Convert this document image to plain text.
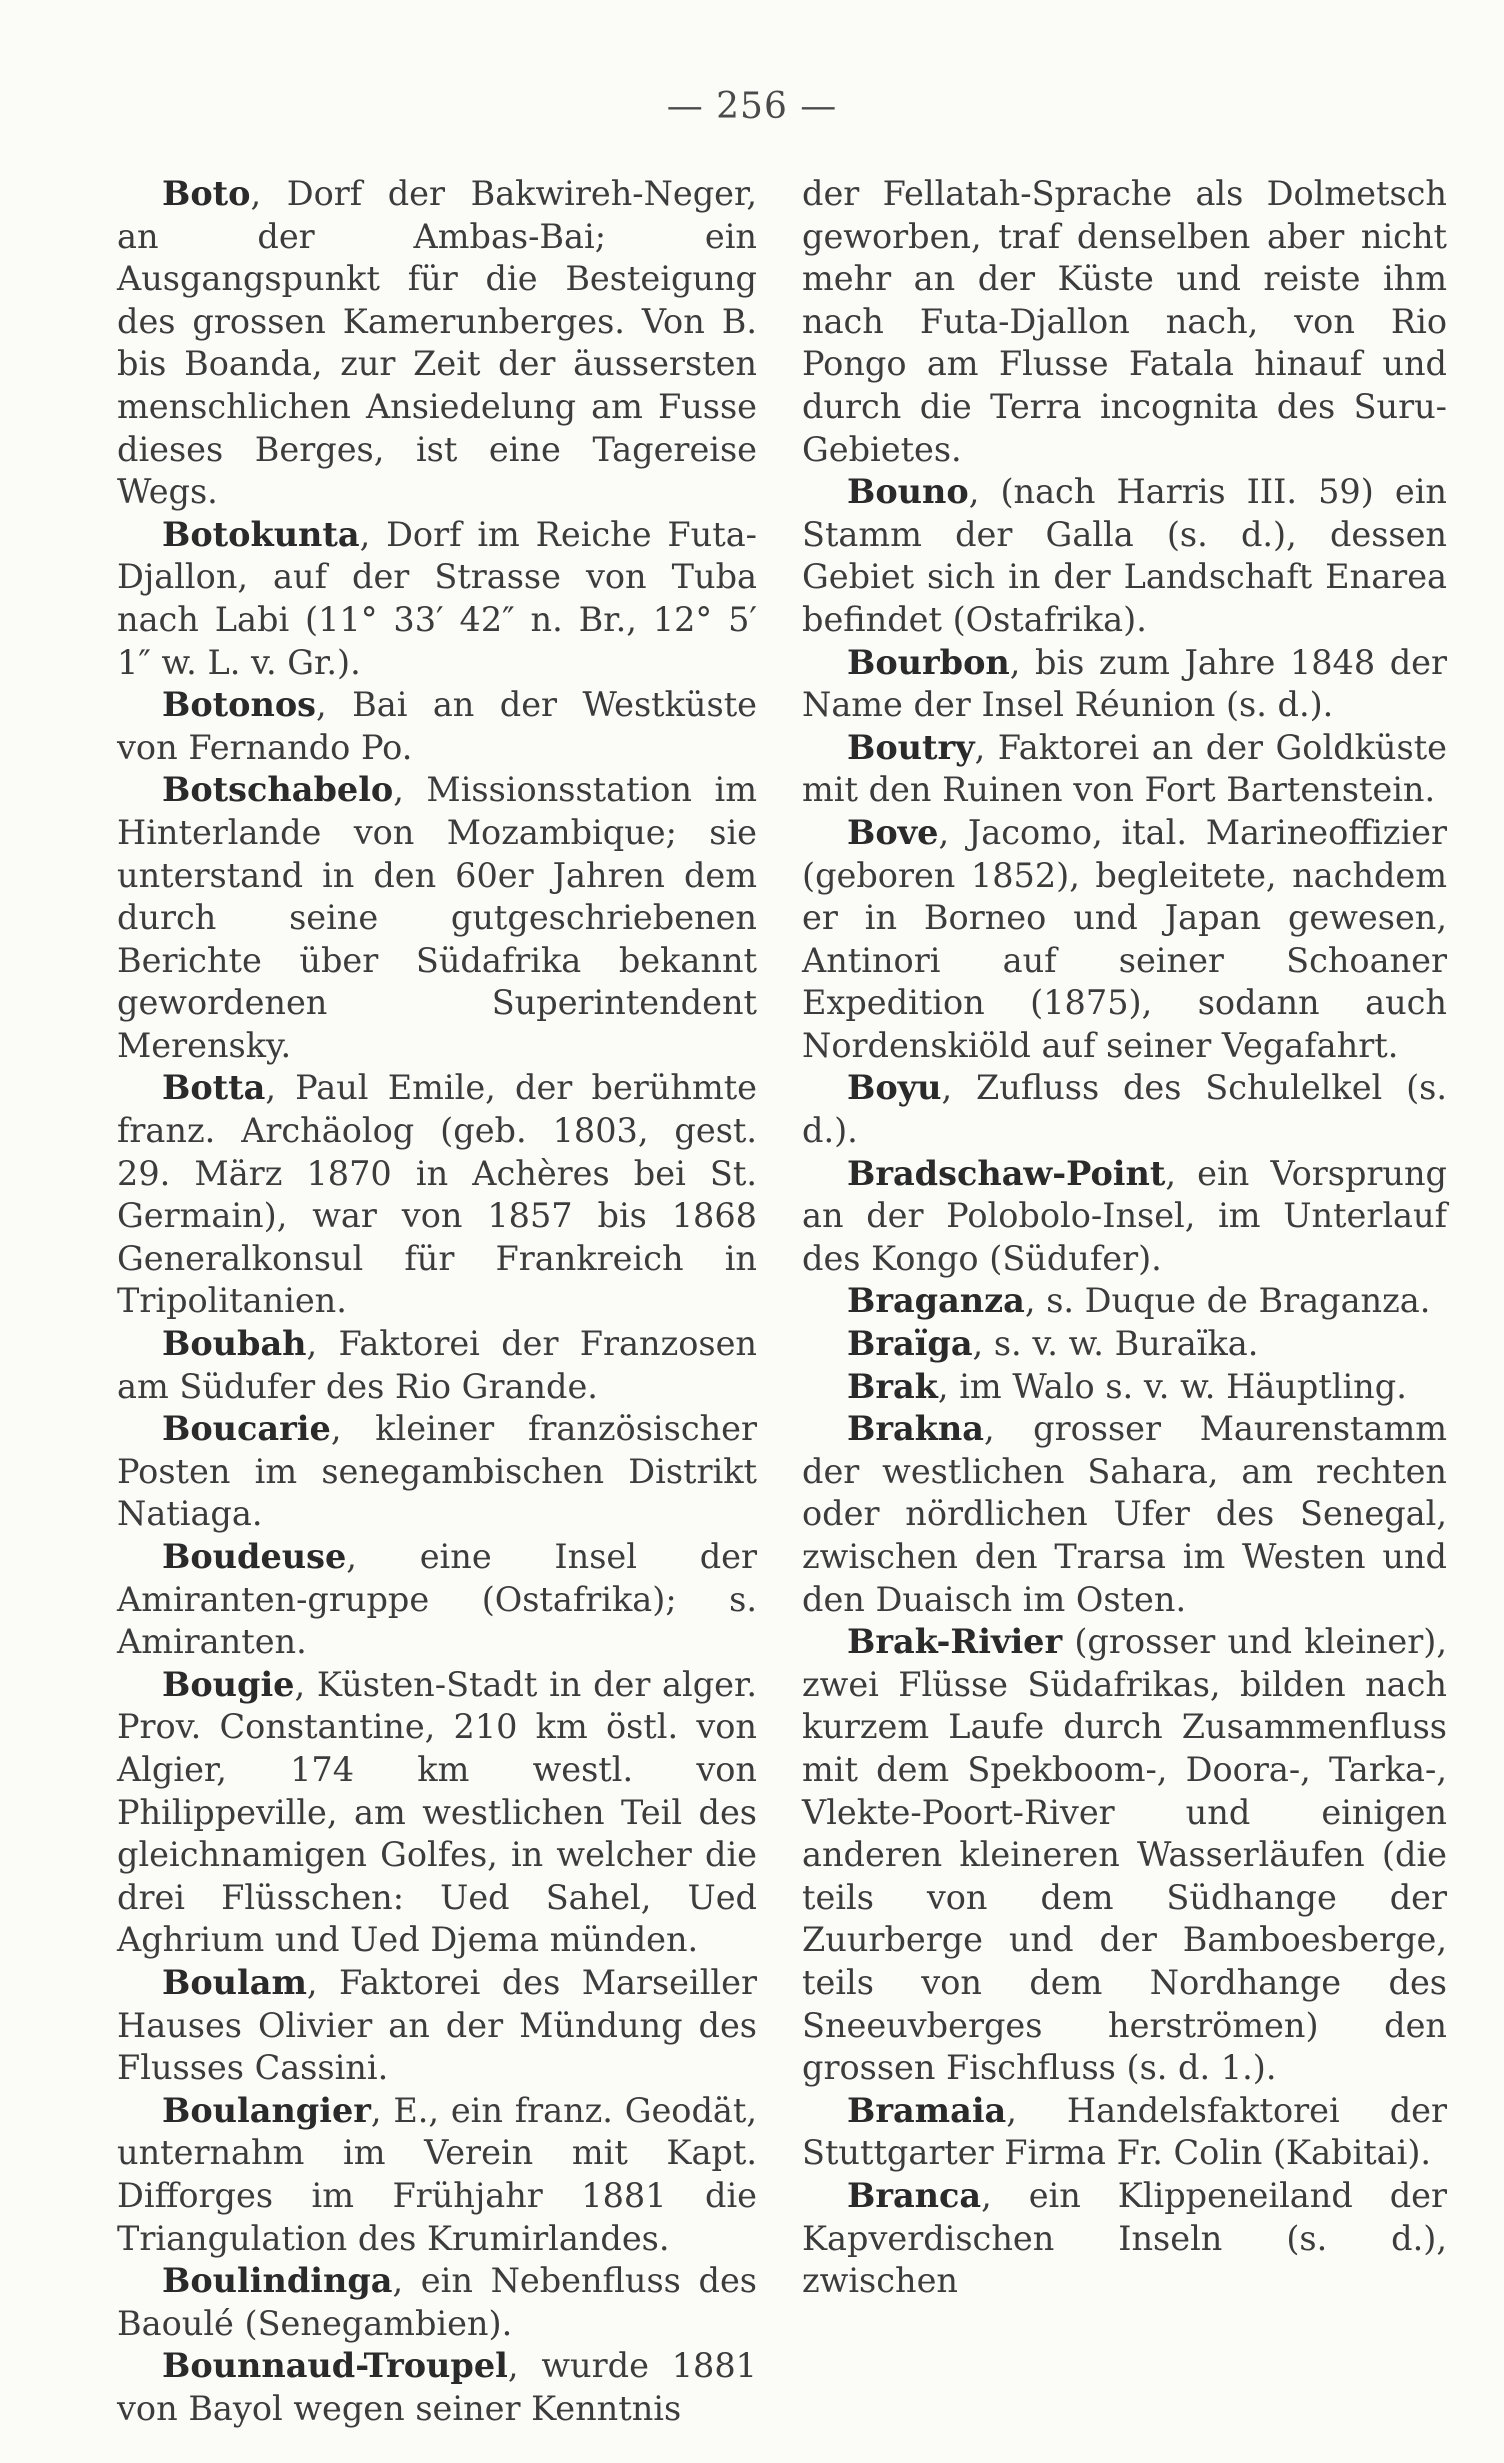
— 256 —

Boto, Dorf der Bakwireh-Neger, an der Ambas-Bai; ein Ausgangspunkt für die Besteigung des grossen Kamerunberges. Von B. bis Boanda, zur Zeit der äussersten menschlichen Ansiedelung am Fusse dieses Berges, ist eine Tagereise Wegs.

Botokunta, Dorf im Reiche Futa-Djallon, auf der Strasse von Tuba nach Labi (11° 33′ 42″ n. Br., 12° 5′ 1″ w. L. v. Gr.).

Botonos, Bai an der Westküste von Fernando Po.

Botschabelo, Missionsstation im Hinterlande von Mozambique; sie unterstand in den 60er Jahren dem durch seine gutgeschriebenen Berichte über Südafrika bekannt gewordenen Superintendent Merensky.

Botta, Paul Emile, der berühmte franz. Archäolog (geb. 1803, gest. 29. März 1870 in Achères bei St. Germain), war von 1857 bis 1868 Generalkonsul für Frankreich in Tripolitanien.

Boubah, Faktorei der Franzosen am Südufer des Rio Grande.

Boucarie, kleiner französischer Posten im senegambischen Distrikt Natiaga.

Boudeuse, eine Insel der Amiranten-gruppe (Ostafrika); s. Amiranten.

Bougie, Küsten-Stadt in der alger. Prov. Constantine, 210 km östl. von Algier, 174 km westl. von Philippeville, am westlichen Teil des gleichnamigen Golfes, in welcher die drei Flüsschen: Ued Sahel, Ued Aghrium und Ued Djema münden.

Boulam, Faktorei des Marseiller Hauses Olivier an der Mündung des Flusses Cassini.

Boulangier, E., ein franz. Geodät, unternahm im Verein mit Kapt. Difforges im Frühjahr 1881 die Triangulation des Krumirlandes.

Boulindinga, ein Nebenfluss des Baoulé (Senegambien).

Bounnaud-Troupel, wurde 1881 von Bayol wegen seiner Kenntnis

der Fellatah-Sprache als Dolmetsch geworben, traf denselben aber nicht mehr an der Küste und reiste ihm nach Futa-Djallon nach, von Rio Pongo am Flusse Fatala hinauf und durch die Terra incognita des Suru-Gebietes.

Bouno, (nach Harris III. 59) ein Stamm der Galla (s. d.), dessen Gebiet sich in der Landschaft Enarea befindet (Ostafrika).

Bourbon, bis zum Jahre 1848 der Name der Insel Réunion (s. d.).

Boutry, Faktorei an der Goldküste mit den Ruinen von Fort Bartenstein.

Bove, Jacomo, ital. Marineoffizier (geboren 1852), begleitete, nachdem er in Borneo und Japan gewesen, Antinori auf seiner Schoaner Expedition (1875), sodann auch Nordenskiöld auf seiner Vegafahrt.

Boyu, Zufluss des Schulelkel (s. d.).

Bradschaw-Point, ein Vorsprung an der Polobolo-Insel, im Unterlauf des Kongo (Südufer).

Braganza, s. Duque de Braganza.

Braïga, s. v. w. Buraïka.

Brak, im Walo s. v. w. Häuptling.

Brakna, grosser Maurenstamm der westlichen Sahara, am rechten oder nördlichen Ufer des Senegal, zwischen den Trarsa im Westen und den Duaisch im Osten.

Brak-Rivier (grosser und kleiner), zwei Flüsse Südafrikas, bilden nach kurzem Laufe durch Zusammenfluss mit dem Spekboom-, Doora-, Tarka-, Vlekte-Poort-River und einigen anderen kleineren Wasserläufen (die teils von dem Südhange der Zuurberge und der Bamboesberge, teils von dem Nordhange des Sneeuvberges herströmen) den grossen Fischfluss (s. d. 1.).

Bramaia, Handelsfaktorei der Stuttgarter Firma Fr. Colin (Kabitai).

Branca, ein Klippeneiland der Kapverdischen Inseln (s. d.), zwischen
